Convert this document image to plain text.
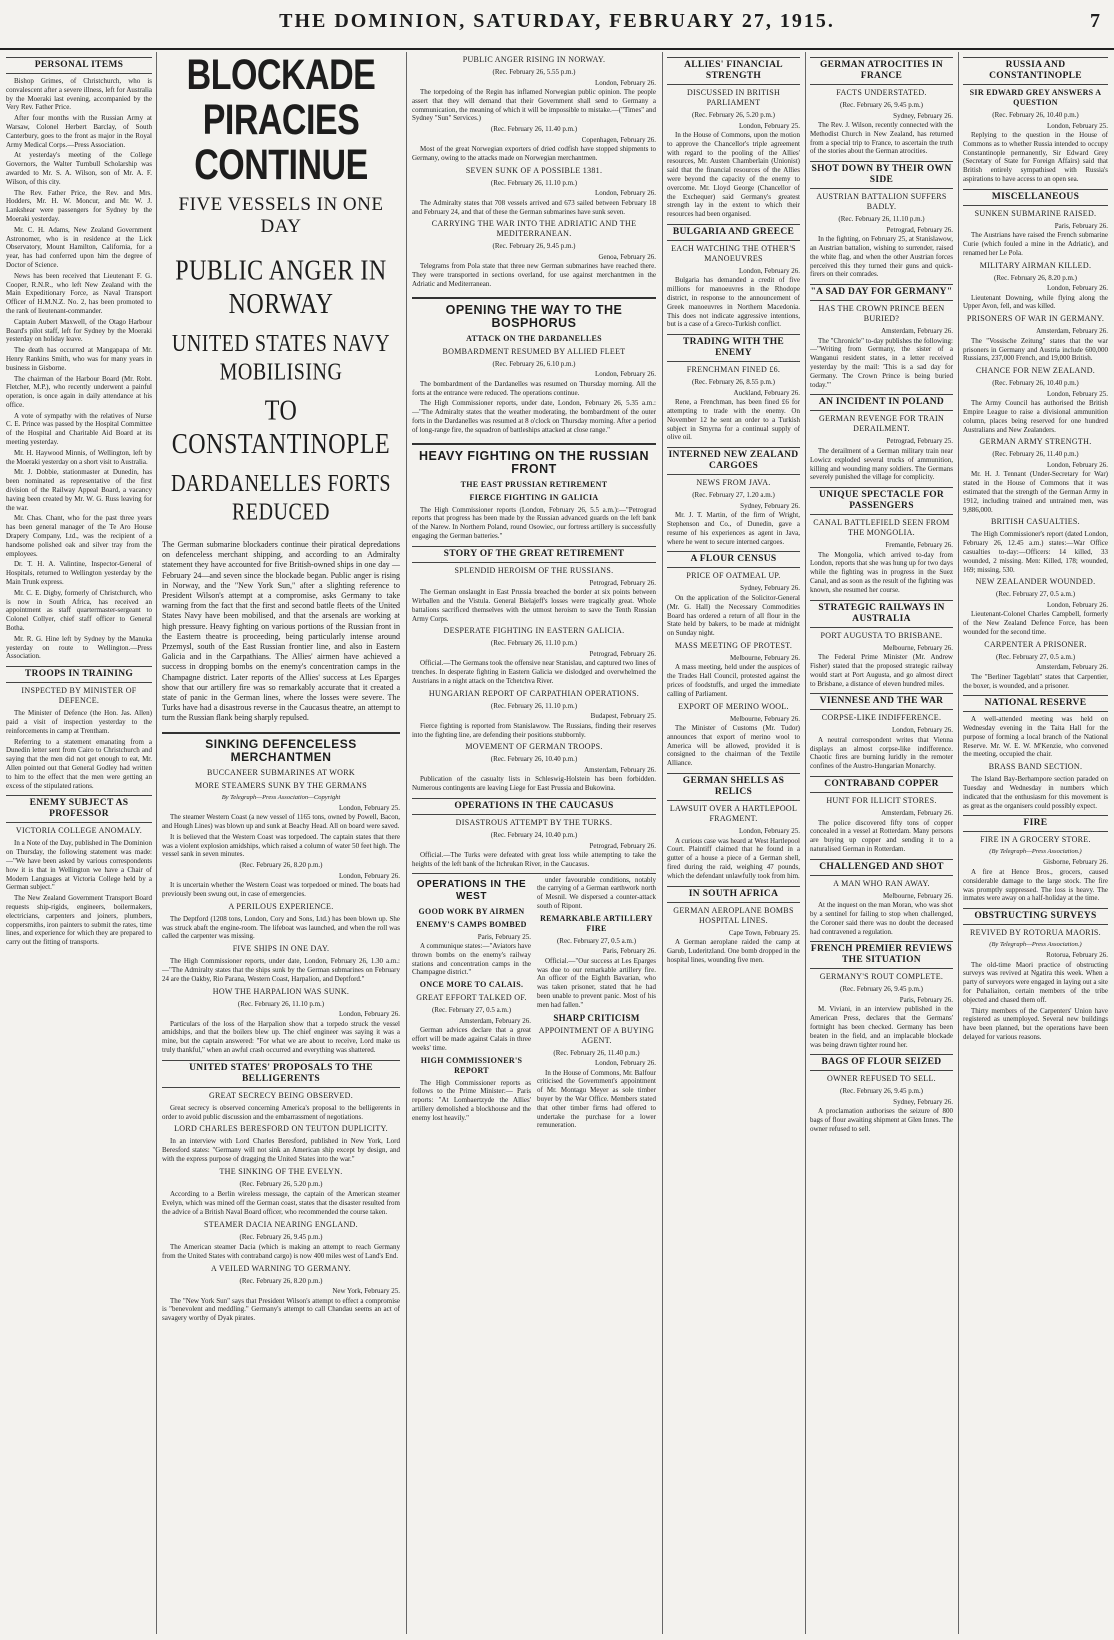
THE DOMINION, SATURDAY, FEBRUARY 27, 1915.	7
PERSONAL ITEMS

Bishop Grimes, of Christchurch, who is convalescent after a severe illness, left for Australia by the Moeraki last evening, accompanied by the Very Rev. Father Price.

After four months with the Russian Army at Warsaw, Colonel Herbert Barclay, of South Canterbury, goes to the front as major in the Royal Army Medical Corps.—Press Association.

At yesterday's meeting of the College Governors, the Walter Turnbull Scholarship was awarded to Mr. S. A. Wilson, son of Mr. A. F. Wilson, of this city.

The Rev. Father Price, the Rev. and Mrs. Hodders, Mr. H. W. Moncur, and Mr. W. J. Lankshear were passengers for Sydney by the Moeraki yesterday.

Mr. C. H. Adams, New Zealand Government Astronomer, who is in residence at the Lick Observatory, Mount Hamilton, California, for a year, has had conferred upon him the degree of Doctor of Science.

News has been received that Lieutenant F. G. Cooper, R.N.R., who left New Zealand with the Main Expeditionary Force, as Naval Transport Officer of H.M.N.Z. No. 2, has been promoted to the rank of lieutenant-commander.

Captain Aubert Maxwell, of the Otago Harbour Board's pilot staff, left for Sydney by the Moeraki yesterday on holiday leave.

The death has occurred at Mangapapa of Mr. Henry Rankins Smith, who was for many years in business in Gisborne.

The chairman of the Harbour Board (Mr. Robt. Fletcher, M.P.), who recently underwent a painful operation, is once again in daily attendance at his office.

A vote of sympathy with the relatives of Nurse C. E. Prince was passed by the Hospital Committee of the Hospital and Charitable Aid Board at its meeting yesterday.

Mr. H. Haywood Minnis, of Wellington, left by the Moeraki yesterday on a short visit to Australia.

Mr. J. Dobbie, stationmaster at Dunedin, has been nominated as representative of the first division of the Railway Appeal Board, a vacancy having been created by Mr. W. G. Russ leaving for the war.

Mr. Chas. Chant, who for the past three years has been general manager of the Te Aro House Drapery Company, Ltd., was the recipient of a handsome polished oak and silver tray from the employees.

Dr. T. H. A. Valintine, Inspector-General of Hospitals, returned to Wellington yesterday by the Main Trunk express.

Mr. C. E. Digby, formerly of Christchurch, who is now in South Africa, has received an appointment as staff quartermaster-sergeant to Colonel Collyer, chief staff officer to General Botha.

Mr. R. G. Hine left by Sydney by the Manuka yesterday on route to Wellington.—Press Association.

TROOPS IN TRAINING
INSPECTED BY MINISTER OF DEFENCE.

The Minister of Defence (the Hon. Jas. Allen) paid a visit of inspection yesterday to the reinforcements in camp at Trentham.

Referring to a statement emanating from a Dunedin letter sent from Cairo to Christchurch and saying that the men did not get enough to eat, Mr. Allen pointed out that General Godley had written to him to the effect that the men were getting an excess of the stipulated rations.

ENEMY SUBJECT AS PROFESSOR
VICTORIA COLLEGE ANOMALY.

In a Note of the Day, published in The Dominion on Thursday, the following statement was made:—"We have been asked by various correspondents how it is that in Wellington we have a Chair of Modern Languages at Victoria College held by a German subject."

The New Zealand Government Transport Board requests ship-rigids, engineers, boilermakers, electricians, carpenters and joiners, plumbers, coppersmiths, iron painters to submit the rates, time lines, and experience for which they are prepared to carry out the fitting of transports.

BLOCKADE PIRACIES CONTINUE
FIVE VESSELS IN ONE DAY
PUBLIC ANGER IN NORWAY
UNITED STATES NAVY MOBILISING
TO CONSTANTINOPLE
DARDANELLES FORTS REDUCED

The German submarine blockaders continue their piratical depredations on defenceless merchant shipping, and according to an Admiralty statement they have accounted for five British-owned ships in one day —February 24—and seven since the blockade began. Public anger is rising in Norway, and the "New York Sun," after a slighting reference to President Wilson's attempt at a compromise, asks Germany to take warning from the fact that the first and second battle fleets of the United States Navy have been mobilised, and that the arsenals are working at high pressure. Heavy fighting on various portions of the Russian front in the Eastern theatre is proceeding, being particularly intense around Przemysl, south of the East Russian frontier line, and also in Eastern Galicia and in the Carpathians. The Allies' airmen have achieved a success in dropping bombs on the enemy's concentration camps in the Champagne district. Later reports of the Allies' success at Les Eparges show that our artillery fire was so remarkably accurate that it created a state of panic in the German lines, where the losses were severe. The Turks have had a disastrous reverse in the Caucasus theatre, an attempt to turn the Russian flank being sharply repulsed.

SINKING DEFENCELESS MERCHANTMEN
BUCCANEER SUBMARINES AT WORK
MORE STEAMERS SUNK BY THE GERMANS
By Telegraph—Press Association—Copyright
London, February 25.

The steamer Western Coast (a new vessel of 1165 tons, owned by Powell, Bacon, and Hough Lines) was blown up and sunk at Beachy Head. All on board were saved.

It is believed that the Western Coast was torpedoed. The captain states that there was a violent explosion amidships, which raised a column of water 50 feet high. The vessel sank in seven minutes.

(Rec. February 26, 8.20 p.m.)
London, February 26.

It is uncertain whether the Western Coast was torpedoed or mined. The boats had previously been swung out, in case of emergencies.

A PERILOUS EXPERIENCE.

The Deptford (1208 tons, London, Cory and Sons, Ltd.) has been blown up. She was struck abaft the engine-room. The lifeboat was launched, and when the roll was called the carpenter was missing.

FIVE SHIPS IN ONE DAY.

The High Commissioner reports, under date, London, February 26, 1.30 a.m.:—"The Admiralty states that the ships sunk by the German submarines on February 24 are the Oakby, Rio Parana, Western Coast, Harpalion, and Deptford."

HOW THE HARPALION WAS SUNK.
(Rec. February 26, 11.10 p.m.)
London, February 26.

Particulars of the loss of the Harpalion show that a torpedo struck the vessel amidships, and that the boilers blew up. The chief engineer was saying it was a mine, but the captain answered: "For what we are about to receive, Lord make us truly thankful," when an awful crash occurred and everything was shattered.

UNITED STATES' PROPOSALS TO THE BELLIGERENTS
GREAT SECRECY BEING OBSERVED.

Great secrecy is observed concerning America's proposal to the belligerents in order to avoid public discussion and the embarrassment of negotiations.

LORD CHARLES BERESFORD ON TEUTON DUPLICITY.

In an interview with Lord Charles Beresford, published in New York, Lord Beresford states: "Germany will not sink an American ship except by design, and with the express purpose of dragging the United States into the war."

THE SINKING OF THE EVELYN.
(Rec. February 26, 5.20 p.m.)

According to a Berlin wireless message, the captain of the American steamer Evelyn, which was mined off the German coast, states that the disaster resulted from the advice of a British Naval Board officer, who recommended the course taken.

STEAMER DACIA NEARING ENGLAND.
(Rec. February 26, 9.45 p.m.)

The American steamer Dacia (which is making an attempt to reach Germany from the United States with contraband cargo) is now 400 miles west of Land's End.

A VEILED WARNING TO GERMANY.
(Rec. February 26, 8.20 p.m.)
New York, February 25.

The "New York Sun" says that President Wilson's attempt to effect a compromise is "benevolent and meddling." Germany's attempt to call Chandau seems an act of savagery worthy of Dyak pirates.

PUBLIC ANGER RISING IN NORWAY.
(Rec. February 26, 5.55 p.m.)
London, February 26.

The torpedoing of the Regin has inflamed Norwegian public opinion. The people assert that they will demand that their Government shall send to Germany a communication, the meaning of which it will be impossible to mistake.—("Times" and Sydney "Sun" Services.)

(Rec. February 26, 11.40 p.m.)
Copenhagen, February 26.

Most of the great Norwegian exporters of dried codfish have stopped shipments to Germany, owing to the attacks made on Norwegian merchantmen.

SEVEN SUNK OF A POSSIBLE 1381.
(Rec. February 26, 11.10 p.m.)
London, February 26.

The Admiralty states that 708 vessels arrived and 673 sailed between February 18 and February 24, and that of these the German submarines have sunk seven.

CARRYING THE WAR INTO THE ADRIATIC AND THE MEDITERRANEAN.
(Rec. February 26, 9.45 p.m.)
Genoa, February 26.

Telegrams from Pola state that three new German submarines have reached there. They were transported in sections overland, for use against merchantmen in the Adriatic and Mediterranean.

OPENING THE WAY TO THE BOSPHORUS
ATTACK ON THE DARDANELLES
BOMBARDMENT RESUMED BY ALLIED FLEET
(Rec. February 26, 6.10 p.m.)
London, February 26.

The bombardment of the Dardanelles was resumed on Thursday morning. All the forts at the entrance were reduced. The operations continue.

The High Commissioner reports, under date, London, February 26, 5.35 a.m.:—"The Admiralty states that the weather moderating, the bombardment of the outer forts in the Dardanelles was resumed at 8 o'clock on Thursday morning. After a period of long-range fire, the squadron of battleships attacked at close range."

HEAVY FIGHTING ON THE RUSSIAN FRONT
THE EAST PRUSSIAN RETIREMENT
FIERCE FIGHTING IN GALICIA

The High Commissioner reports (London, February 26, 5.5 a.m.):—"Petrograd reports that progress has been made by the Russian advanced guards on the left bank of the Narew. In Northern Poland, round Osowiec, our fortress artillery is successfully engaging the German batteries."

STORY OF THE GREAT RETIREMENT
SPLENDID HEROISM OF THE RUSSIANS.
Petrograd, February 26.

The German onslaught in East Prussia breached the border at six points between Wirballen and the Vistula. General Bielajeff's losses were tragically great. Whole battalions sacrificed themselves with the utmost heroism to save the Tenth Russian Army Corps.

DESPERATE FIGHTING IN EASTERN GALICIA.
(Rec. February 26, 11.10 p.m.)
Petrograd, February 26.

Official.—The Germans took the offensive near Stanislau, and captured two lines of trenches. In desperate fighting in Eastern Galicia we dislodged and overwhelmed the Austrians in a night attack on the Tchetchva River.

HUNGARIAN REPORT OF CARPATHIAN OPERATIONS.
(Rec. February 26, 11.10 p.m.)
Budapest, February 25.

Fierce fighting is reported from Stanislawow. The Russians, finding their reserves into the fighting line, are defending their positions stubbornly.

MOVEMENT OF GERMAN TROOPS.
(Rec. February 26, 10.40 p.m.)
Amsterdam, February 26.

Publication of the casualty lists in Schleswig-Holstein has been forbidden. Numerous contingents are leaving Liege for East Prussia and Bukowina.

OPERATIONS IN THE CAUCASUS
DISASTROUS ATTEMPT BY THE TURKS.
(Rec. February 24, 10.40 p.m.)
Petrograd, February 26.

Official.—The Turks were defeated with great loss while attempting to take the heights of the left bank of the Itchrukan River, in the Caucasus.

OPERATIONS IN THE WEST
GOOD WORK BY AIRMEN
ENEMY'S CAMPS BOMBED
Paris, February 25.

A communique states:—"Aviators have thrown bombs on the enemy's railway stations and concentration camps in the Champagne district."

ONCE MORE TO CALAIS.
GREAT EFFORT TALKED OF.
(Rec. February 27, 0.5 a.m.)
Amsterdam, February 26.

German advices declare that a great effort will be made against Calais in three weeks' time.

HIGH COMMISSIONER'S REPORT

The High Commissioner reports as follows to the Prime Minister:— Paris reports: "At Lombaertzyde the Allies' artillery demolished a blockhouse and the enemy lost heavily."

under favourable conditions, notably the carrying of a German earthwork north of Mesnil. We dispersed a counter-attack south of Ripont.

REMARKABLE ARTILLERY FIRE
(Rec. February 27, 0.5 a.m.)
Paris, February 26.

Official.—"Our success at Les Eparges was due to our remarkable artillery fire. An officer of the Eighth Bavarian, who was taken prisoner, stated that he had been unable to prevent panic. Most of his men had fallen."

SHARP CRITICISM
APPOINTMENT OF A BUYING AGENT.
(Rec. February 26, 11.40 p.m.)
London, February 26.

In the House of Commons, Mr. Balfour criticised the Government's appointment of Mr. Montagu Meyer as sole timber buyer by the War Office. Members stated that other timber firms had offered to undertake the purchase for a lower remuneration.

ALLIES' FINANCIAL STRENGTH
DISCUSSED IN BRITISH PARLIAMENT
(Rec. February 26, 5.20 p.m.)
London, February 25.

In the House of Commons, upon the motion to approve the Chancellor's triple agreement with regard to the pooling of the Allies' resources, Mr. Austen Chamberlain (Unionist) said that the financial resources of the Allies were beyond the capacity of the enemy to overcome. Mr. Lloyd George (Chancellor of the Exchequer) said Germany's greatest strength lay in the extent to which their resources had been organised.

BULGARIA AND GREECE
EACH WATCHING THE OTHER'S MANOEUVRES
London, February 26.

Bulgaria has demanded a credit of five millions for manoeuvres in the Rhodope district, in response to the announcement of Greek manoeuvres in Northern Macedonia. This does not indicate aggressive intentions, but is a case of a Greco-Turkish conflict.

TRADING WITH THE ENEMY
FRENCHMAN FINED £6.
(Rec. February 26, 8.55 p.m.)
Auckland, February 26.

Rene, a Frenchman, has been fined £6 for attempting to trade with the enemy. On November 12 he sent an order to a Turkish subject in Smyrna for a continual supply of olive oil.

INTERNED NEW ZEALAND CARGOES
NEWS FROM JAVA.
(Rec. February 27, 1.20 a.m.)
Sydney, February 26.

Mr. J. T. Martin, of the firm of Wright, Stephenson and Co., of Dunedin, gave a resume of his experiences as agent in Java, where he went to secure interned cargoes.

A FLOUR CENSUS
PRICE OF OATMEAL UP.
Sydney, February 26.

On the application of the Solicitor-General (Mr. G. Hall) the Necessary Commodities Board has ordered a return of all flour in the State held by bakers, to be made at midnight on Sunday night.

MASS MEETING OF PROTEST.
Melbourne, February 26.

A mass meeting, held under the auspices of the Trades Hall Council, protested against the prices of foodstuffs, and urged the immediate calling of Parliament.

EXPORT OF MERINO WOOL.
Melbourne, February 26.

The Minister of Customs (Mr. Tudor) announces that export of merino wool to America will be allowed, provided it is consigned to the chairman of the Textile Alliance.

GERMAN SHELLS AS RELICS
LAWSUIT OVER A HARTLEPOOL FRAGMENT.
London, February 25.

A curious case was heard at West Hartlepool Court. Plaintiff claimed that he found in a gutter of a house a piece of a German shell, fired during the raid, weighing 47 pounds, which the defendant unlawfully took from him.

IN SOUTH AFRICA
GERMAN AEROPLANE BOMBS HOSPITAL LINES.
Cape Town, February 25.

A German aeroplane raided the camp at Garub, Luderitzland. One bomb dropped in the hospital lines, wounding five men.

GERMAN ATROCITIES IN FRANCE
FACTS UNDERSTATED.
(Rec. February 26, 9.45 p.m.)
Sydney, February 26.

The Rev. J. Wilson, recently connected with the Methodist Church in New Zealand, has returned from a special trip to France, to ascertain the truth of the stories about the German atrocities.

SHOT DOWN BY THEIR OWN SIDE
AUSTRIAN BATTALION SUFFERS BADLY.
(Rec. February 26, 11.10 p.m.)
Petrograd, February 26.

In the fighting, on February 25, at Stanislawow, an Austrian battalion, wishing to surrender, raised the white flag, and when the other Austrian forces perceived this they turned their guns and quick-firers on their comrades.

"A SAD DAY FOR GERMANY"
HAS THE CROWN PRINCE BEEN BURIED?
Amsterdam, February 26.

The "Chronicle" to-day publishes the following:—"Writing from Germany, the sister of a Wanganui resident states, in a letter received yesterday by the mail: 'This is a sad day for Germany. The Crown Prince is being buried today.'"

AN INCIDENT IN POLAND
GERMAN REVENGE FOR TRAIN DERAILMENT.
Petrograd, February 25.

The derailment of a German military train near Lowicz exploded several trucks of ammunition, killing and wounding many soldiers. The Germans severely punished the village for complicity.

UNIQUE SPECTACLE FOR PASSENGERS
CANAL BATTLEFIELD SEEN FROM THE MONGOLIA.
Fremantle, February 26.

The Mongolia, which arrived to-day from London, reports that she was hung up for two days while the fighting was in progress in the Suez Canal, and as soon as the result of the fighting was known, she resumed her course.

STRATEGIC RAILWAYS IN AUSTRALIA
PORT AUGUSTA TO BRISBANE.
Melbourne, February 26.

The Federal Prime Minister (Mr. Andrew Fisher) stated that the proposed strategic railway would start at Port Augusta, and go almost direct to Brisbane, a distance of eleven hundred miles.

VIENNESE AND THE WAR
CORPSE-LIKE INDIFFERENCE.
London, February 26.

A neutral correspondent writes that Vienna displays an almost corpse-like indifference. Chaotic fires are burning luridly in the remoter confines of the Austro-Hungarian Monarchy.

CONTRABAND COPPER
HUNT FOR ILLICIT STORES.
Amsterdam, February 26.

The police discovered fifty tons of copper concealed in a vessel at Rotterdam. Many persons are buying up copper and sending it to a naturalised German in Rotterdam.

CHALLENGED AND SHOT
A MAN WHO RAN AWAY.
Melbourne, February 26.

At the inquest on the man Moran, who was shot by a sentinel for failing to stop when challenged, the Coroner said there was no doubt the deceased had contravened a regulation.

FRENCH PREMIER REVIEWS THE SITUATION
GERMANY'S ROUT COMPLETE.
(Rec. February 26, 9.45 p.m.)
Paris, February 26.

M. Viviani, in an interview published in the American Press, declares that the Germans' fortnight has been checked. Germany has been beaten in the field, and an implacable blockade was being drawn tighter round her.

BAGS OF FLOUR SEIZED
OWNER REFUSED TO SELL.
(Rec. February 26, 9.45 p.m.)
Sydney, February 26.

A proclamation authorises the seizure of 800 bags of flour awaiting shipment at Glen Innes. The owner refused to sell.

RUSSIA AND CONSTANTINOPLE
SIR EDWARD GREY ANSWERS A QUESTION
(Rec. February 26, 10.40 p.m.)
London, February 25.

Replying to the question in the House of Commons as to whether Russia intended to occupy Constantinople permanently, Sir Edward Grey (Secretary of State for Foreign Affairs) said that British entirely sympathised with Russia's aspirations to have access to an open sea.

MISCELLANEOUS
SUNKEN SUBMARINE RAISED.
Paris, February 26.

The Austrians have raised the French submarine Curie (which fouled a mine in the Adriatic), and renamed her Le Pola.

MILITARY AIRMAN KILLED.
(Rec. February 26, 8.20 p.m.)
London, February 26.

Lieutenant Downing, while flying along the Upper Avon, fell, and was killed.

PRISONERS OF WAR IN GERMANY.
Amsterdam, February 26.

The "Vossische Zeitung" states that the war prisoners in Germany and Austria include 600,000 Russians, 237,000 French, and 19,000 British.

CHANCE FOR NEW ZEALAND.
(Rec. February 26, 10.40 p.m.)
London, February 25.

The Army Council has authorised the British Empire League to raise a divisional ammunition column, places being reserved for one hundred Australians and New Zealanders.

GERMAN ARMY STRENGTH.
(Rec. February 26, 11.40 p.m.)
London, February 26.

Mr. H. J. Tennant (Under-Secretary for War) stated in the House of Commons that it was estimated that the strength of the German Army in 1912, including trained and untrained men, was 9,886,000.

BRITISH CASUALTIES.

The High Commissioner's report (dated London, February 26, 12.45 a.m.) states:—War Office casualties to-day:—Officers: 14 killed, 33 wounded, 2 missing. Men: Killed, 178; wounded, 169; missing, 530.

NEW ZEALANDER WOUNDED.
(Rec. February 27, 0.5 a.m.)
London, February 26.

Lieutenant-Colonel Charles Campbell, formerly of the New Zealand Defence Force, has been wounded for the second time.

CARPENTER A PRISONER.
(Rec. February 27, 0.5 a.m.)
Amsterdam, February 26.

The "Berliner Tageblatt" states that Carpentier, the boxer, is wounded, and a prisoner.

NATIONAL RESERVE

A well-attended meeting was held on Wednesday evening in the Taita Hall for the purpose of forming a local branch of the National Reserve. Mr. W. E. W. M'Kenzie, who convened the meeting, occupied the chair.

BRASS BAND SECTION.

The Island Bay-Berhampore section paraded on Tuesday and Wednesday in numbers which indicated that the enthusiasm for this movement is as great as the organisers could possibly expect.

FIRE
FIRE IN A GROCERY STORE.
(By Telegraph—Press Association.)
Gisborne, February 26.

A fire at Hence Bros., grocers, caused considerable damage to the large stock. The fire was promptly suppressed. The loss is heavy. The inmates were away on a half-holiday at the time.

OBSTRUCTING SURVEYS
REVIVED BY ROTORUA MAORIS.
(By Telegraph—Press Association.)
Rotorua, February 26.

The old-time Maori practice of obstructing surveys was revived at Ngatira this week. When a party of surveyors were engaged in laying out a site for Puhaliaiton, certain members of the tribe objected and chased them off.

Thirty members of the Carpenters' Union have registered as unemployed. Several new buildings have been planned, but the operations have been delayed for various reasons.
